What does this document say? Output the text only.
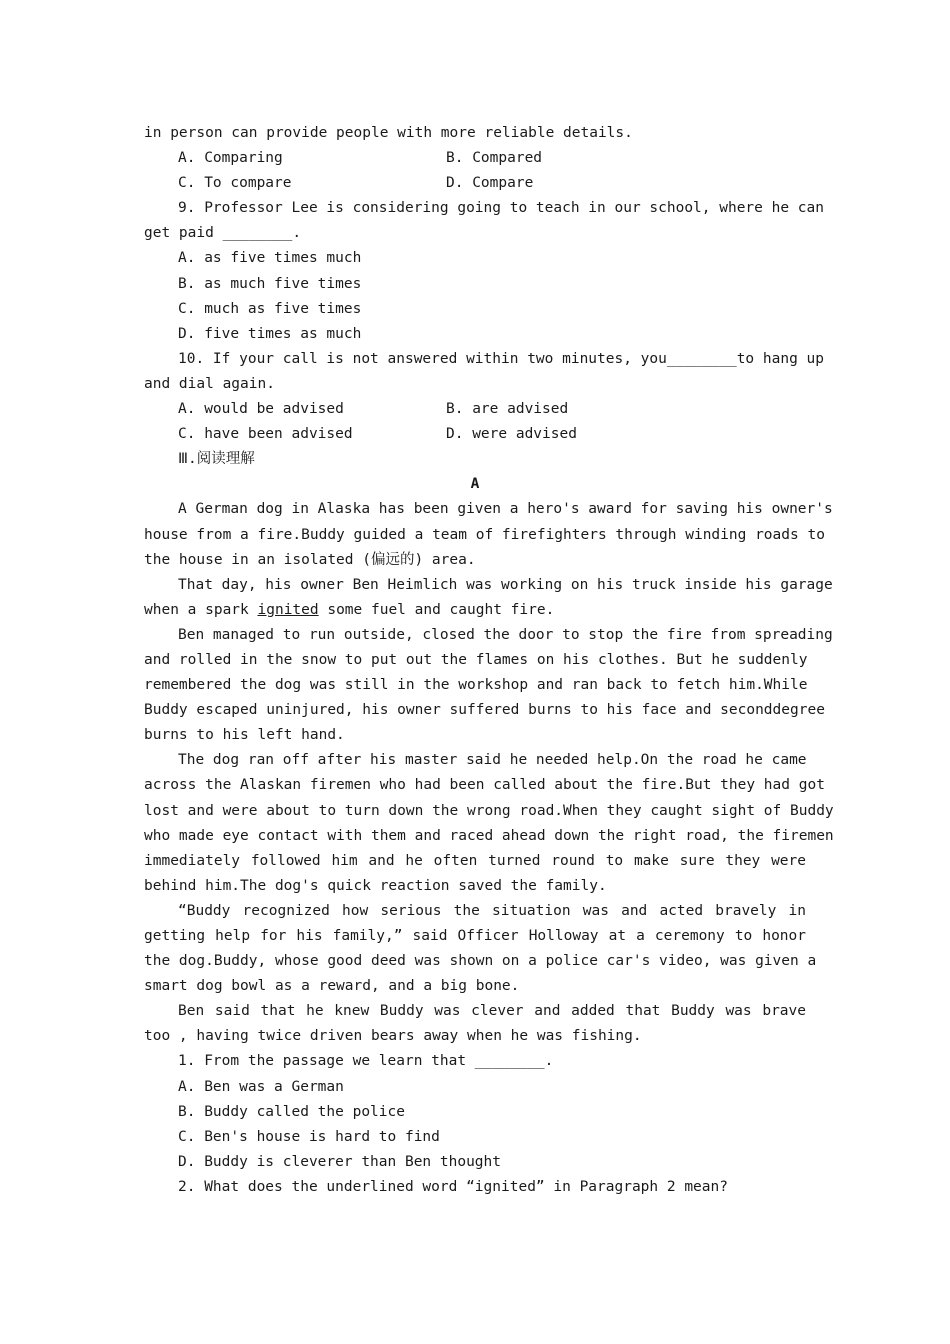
in person can provide people with more reliable details.
A. Comparing	B. Compared
C. To compare	D. Compare
9. Professor Lee is considering going to teach in our school, where he can
get paid ________.
A. as five times much
B. as much five times
C. much as five times
D. five times as much
10. If your call is not answered within two minutes, you________to hang up
and dial again.
A. would be advised	B. are advised
C. have been advised	D. were advised
Ⅲ.阅读理解
A
A German dog in Alaska has been given a hero's award for saving his owner's
house from a fire.Buddy guided a team of firefighters through winding roads to
the house in an isolated (偏远的) area.
That day, his owner Ben Heimlich was working on his truck inside his garage
when a spark ignited some fuel and caught fire.
Ben managed to run outside, closed the door to stop the fire from spreading
and rolled in the snow to put out the flames on his clothes. But he suddenly
remembered the dog was still in the workshop and ran back to fetch him.While
Buddy escaped uninjured, his owner suffered burns to his face and seconddegree
burns to his left hand.
The dog ran off after his master said he needed help.On the road he came
across the Alaskan firemen who had been called about the fire.But they had got
lost and were about to turn down the wrong road.When they caught sight of Buddy
who made eye contact with them and raced ahead down the right road, the firemen
immediately followed him and he often turned round to make sure they were
behind him.The dog's quick reaction saved the family.
“Buddy recognized how serious the situation was and acted bravely in
getting help for his family,” said Officer Holloway at a ceremony to honor
the dog.Buddy, whose good deed was shown on a police car's video, was given a
smart dog bowl as a reward, and a big bone.
Ben said that he knew Buddy was clever and added that Buddy was brave
too , having twice driven bears away when he was fishing.
1. From the passage we learn that ________.
A. Ben was a German
B. Buddy called the police
C. Ben's house is hard to find
D. Buddy is cleverer than Ben thought
2. What does the underlined word “ignited” in Paragraph 2 mean?
